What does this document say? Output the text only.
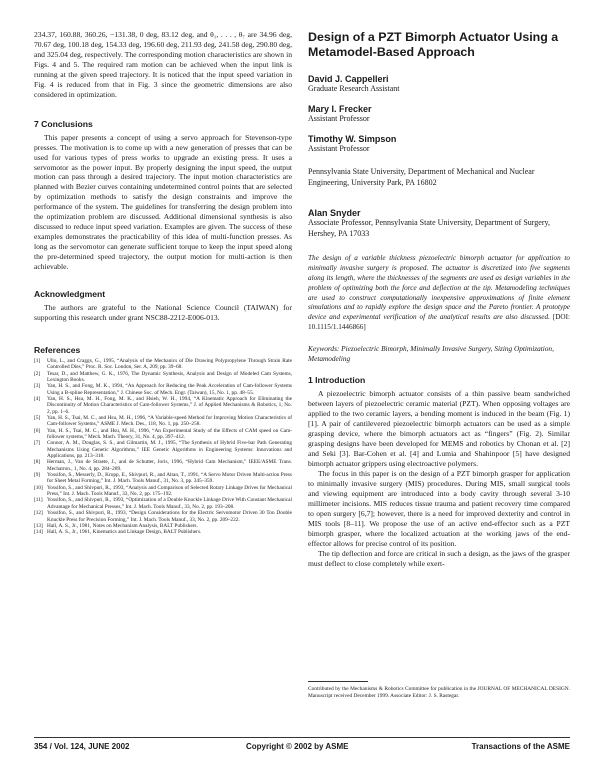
234.37, 160.88, 360.26, −131.38, 0 deg, 83.12 deg, and θ₁, . . . , θ₇ are 34.96 deg, 70.67 deg, 100.18 deg, 154.33 deg, 196.60 deg, 211.93 deg, 241.58 deg, 290.80 deg, and 325.04 deg, respectively. The corresponding motion characteristics are shown in Figs. 4 and 5. The required ram motion can be achieved when the input link is running at the given speed trajectory. It is noticed that the input speed variation in Fig. 4 is reduced from that in Fig. 3 since the geometric dimensions are also considered in optimization.

7 Conclusions

This paper presents a concept of using a servo approach for Stevenson-type presses. The motivation is to come up with a new generation of presses that can be used for various types of press works to upgrade an existing press. It uses a servomotor as the power input. By properly designing the input speed, the output motion can pass through a desired trajectory. The input motion characteristics are planned with Bezier curves containing undetermined control points that are selected by optimization methods to satisfy the design constraints and improve the performance of the system. The guidelines for transferring the design problem into the optimization problem are discussed. Additional dimensional synthesis is also discussed to reduce input speed variation. Examples are given. The success of these examples demonstrates the practicability of this idea of multi-function presses. As long as the servomotor can generate sufficient torque to keep the input speed along the pre-determined speed trajectory, the output motion for multi-action is then achievable.

Acknowledgment

The authors are grateful to the National Science Council (TAIWAN) for supporting this research under grant NSC88-2212-E006-013.

References
[1] Ullo, L., and Craggs, G., 1995, “Analysis of the Mechanics of Die Drawing Polypropylene Through Strain Rate Controlled Dies,” Proc. R. Soc. London, Ser. A, 209, pp. 39–68.
[2] Tesar, D., and Matthew, G. K., 1976, The Dynamic Synthesis, Analysis and Design of Modeled Cam Systems, Lexington Books.
[3] Yan, H. S., and Fong, M. K., 1994, “An Approach for Reducing the Peak Acceleration of Cam-follower Systems Using a B-spline Representation,” J. Chinese Soc. of Mech. Engr. (Taiwan), 15, No. 1, pp. 48–55.
[4] Yan, H. S., Hsu, M. H., Fong, M. K., and Hsieh, W. H., 1994, “A Kinematic Approach for Eliminating the Discontinuity of Motion Characteristics of Cam-follower Systems,” J. of Applied Mechanisms & Robotics, 1, No. 2, pp. 1–6.
[5] Yan, H. S., Tsai, M. C., and Hsu, M. H., 1996, “A Variable-speed Method for Improving Motion Characteristics of Cam-follower Systems,” ASME J. Mech. Des., 118, No. 1, pp. 250–258.
[6] Yan, H. S., Tsai, M. C., and Hsu, M. H., 1996, “An Experimental Study of the Effects of CAM speed on Cam-follower systems,” Mech. Mach. Theory, 31, No. 4, pp. 397–412.
[7] Connor, A. M., Douglas, S. S., and Gilmartin, M. J., 1995, “The Synthesis of Hybrid Five-bar Path Generating Mechanisms Using Genetic Algorithms,” IEE Genetic Algorithms in Engineering Systems: Innovations and Applications, pp. 213–318.
[8] Herman, J., Van de Straete, J., and de Schutter, Joris, 1996, “Hybrid Cam Mechanism,” IEEE/ASME Trans. Mechatron., 1, No. 4, pp. 284–289.
[9] Yossifon, S., Messerly, D., Kropp, E., Shivpuri, R., and Altan, T., 1991, “A Servo Motor Driven Multi-action Press for Sheet Metal Forming,” Int. J. Mach. Tools Manuf., 31, No. 3, pp. 345–359.
[10] Yossifon, S., and Shivpuri, R., 1993, “Analysis and Comparison of Selected Rotary Linkage Drives for Mechanical Press,” Int. J. Mach. Tools Manuf., 33, No. 2, pp. 175–192.
[11] Yossifon, S., and Shivpuri, R., 1993, “Optimization of a Double Knuckle Linkage Drive With Constant Mechanical Advantage for Mechanical Presses,” Int. J. Mach. Tools Manuf., 33, No. 2, pp. 193–208.
[12] Yossifon, S., and Shivpuri, R., 1993, “Design Considerations for the Electric Servomotor Driven 30 Ton Double Knuckle Press for Precision Forming,” Int. J. Mach. Tools Manuf., 33, No. 2, pp. 209–222.
[13] Hall, A. S., Jr., 1981, Notes on Mechanism Analysis, BALT Publishers.
[14] Hall, A. S., Jr., 1961, Kinematics and Linkage Design, BALT Publishers.

Design of a PZT Bimorph Actuator Using a Metamodel-Based Approach

David J. Cappelleri

Graduate Research Assistant

Mary I. Frecker

Assistant Professor

Timothy W. Simpson

Assistant Professor

Pennsylvania State University, Department of Mechanical and Nuclear Engineering, University Park, PA 16802

Alan Snyder

Associate Professor, Pennsylvania State University, Department of Surgery, Hershey, PA 17033

The design of a variable thickness piezoelectric bimorph actuator for application to minimally invasive surgery is proposed. The actuator is discretized into five segments along its length, where the thicknesses of the segments are used as design variables in the problem of optimizing both the force and deflection at the tip. Metamodeling techniques are used to construct computationally inexpensive approximations of finite element simulations and to rapidly explore the design space and the Pareto frontier. A prototype device and experimental verification of the analytical results are also discussed. [DOI: 10.1115/1.1446866]

Keywords: Piezoelectric Bimorph, Minimally Invasive Surgery, Sizing Optimization, Metamodeling

1 Introduction

A piezoelectric bimorph actuator consists of a thin passive beam sandwiched between layers of piezoelectric ceramic material (PZT). When opposing voltages are applied to the two ceramic layers, a bending moment is induced in the beam (Fig. 1) [1]. A pair of cantilevered piezoelectric bimorph actuators can be used as a simple grasping device, where the bimorph actuators act as “fingers” (Fig. 2). Similar grasping designs have been developed for MEMS and robotics by Chonan et al. [2] and Seki [3]. Bar-Cohen et al. [4] and Lumia and Shahinpoor [5] have designed bimorph actuator grippers using electroactive polymers.

The focus in this paper is on the design of a PZT bimorph grasper for application to minimally invasive surgery (MIS) procedures. During MIS, small surgical tools and viewing equipment are introduced into a body cavity through several 3-10 millimeter incisions. MIS reduces tissue trauma and patient recovery time compared to open surgery [6,7]; however, there is a need for improved dexterity and control in MIS tools [8–11]. We propose the use of an active end-effector such as a PZT bimorph grasper, where the localized actuation at the working jaws of the end-effector allows for precise control of its position.

The tip deflection and force are critical in such a design, as the jaws of the grasper must deflect to close completely while exert-

Contributed by the Mechanisms & Robotics Committee for publication in the JOURNAL OF MECHANICAL DESIGN. Manuscript received December 1999. Associate Editor: J. S. Rastegar.

354 / Vol. 124, JUNE 2002	Copyright © 2002 by ASME	Transactions of the ASME
